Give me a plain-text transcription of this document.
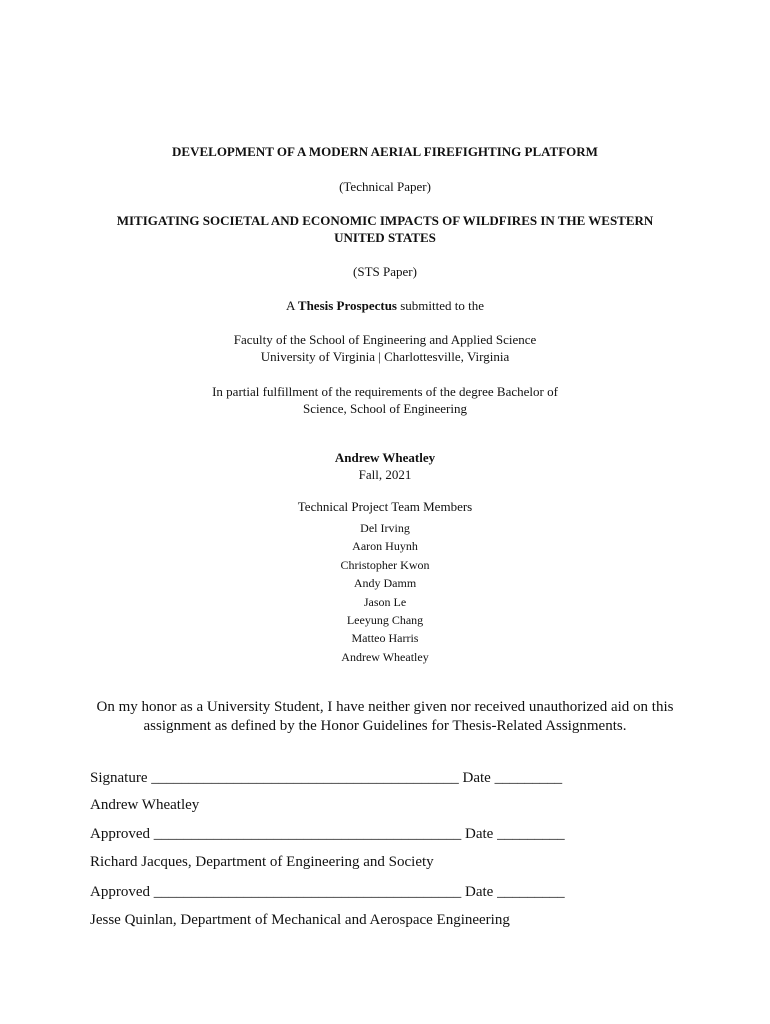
DEVELOPMENT OF A MODERN AERIAL FIREFIGHTING PLATFORM
(Technical Paper)
MITIGATING SOCIETAL AND ECONOMIC IMPACTS OF WILDFIRES IN THE WESTERN
UNITED STATES
(STS Paper)
A Thesis Prospectus submitted to the
Faculty of the School of Engineering and Applied Science
University of Virginia | Charlottesville, Virginia
In partial fulfillment of the requirements of the degree Bachelor of
Science, School of Engineering
Andrew Wheatley
Fall, 2021
Technical Project Team Members
Del Irving
Aaron Huynh
Christopher Kwon
Andy Damm
Jason Le
Leeyung Chang
Matteo Harris
Andrew Wheatley
On my honor as a University Student, I have neither given nor received unauthorized aid on this
assignment as defined by the Honor Guidelines for Thesis-Related Assignments.
Signature _________________________________________ Date _________
Andrew Wheatley
Approved _________________________________________ Date _________
Richard Jacques, Department of Engineering and Society
Approved _________________________________________ Date _________
Jesse Quinlan, Department of Mechanical and Aerospace Engineering
